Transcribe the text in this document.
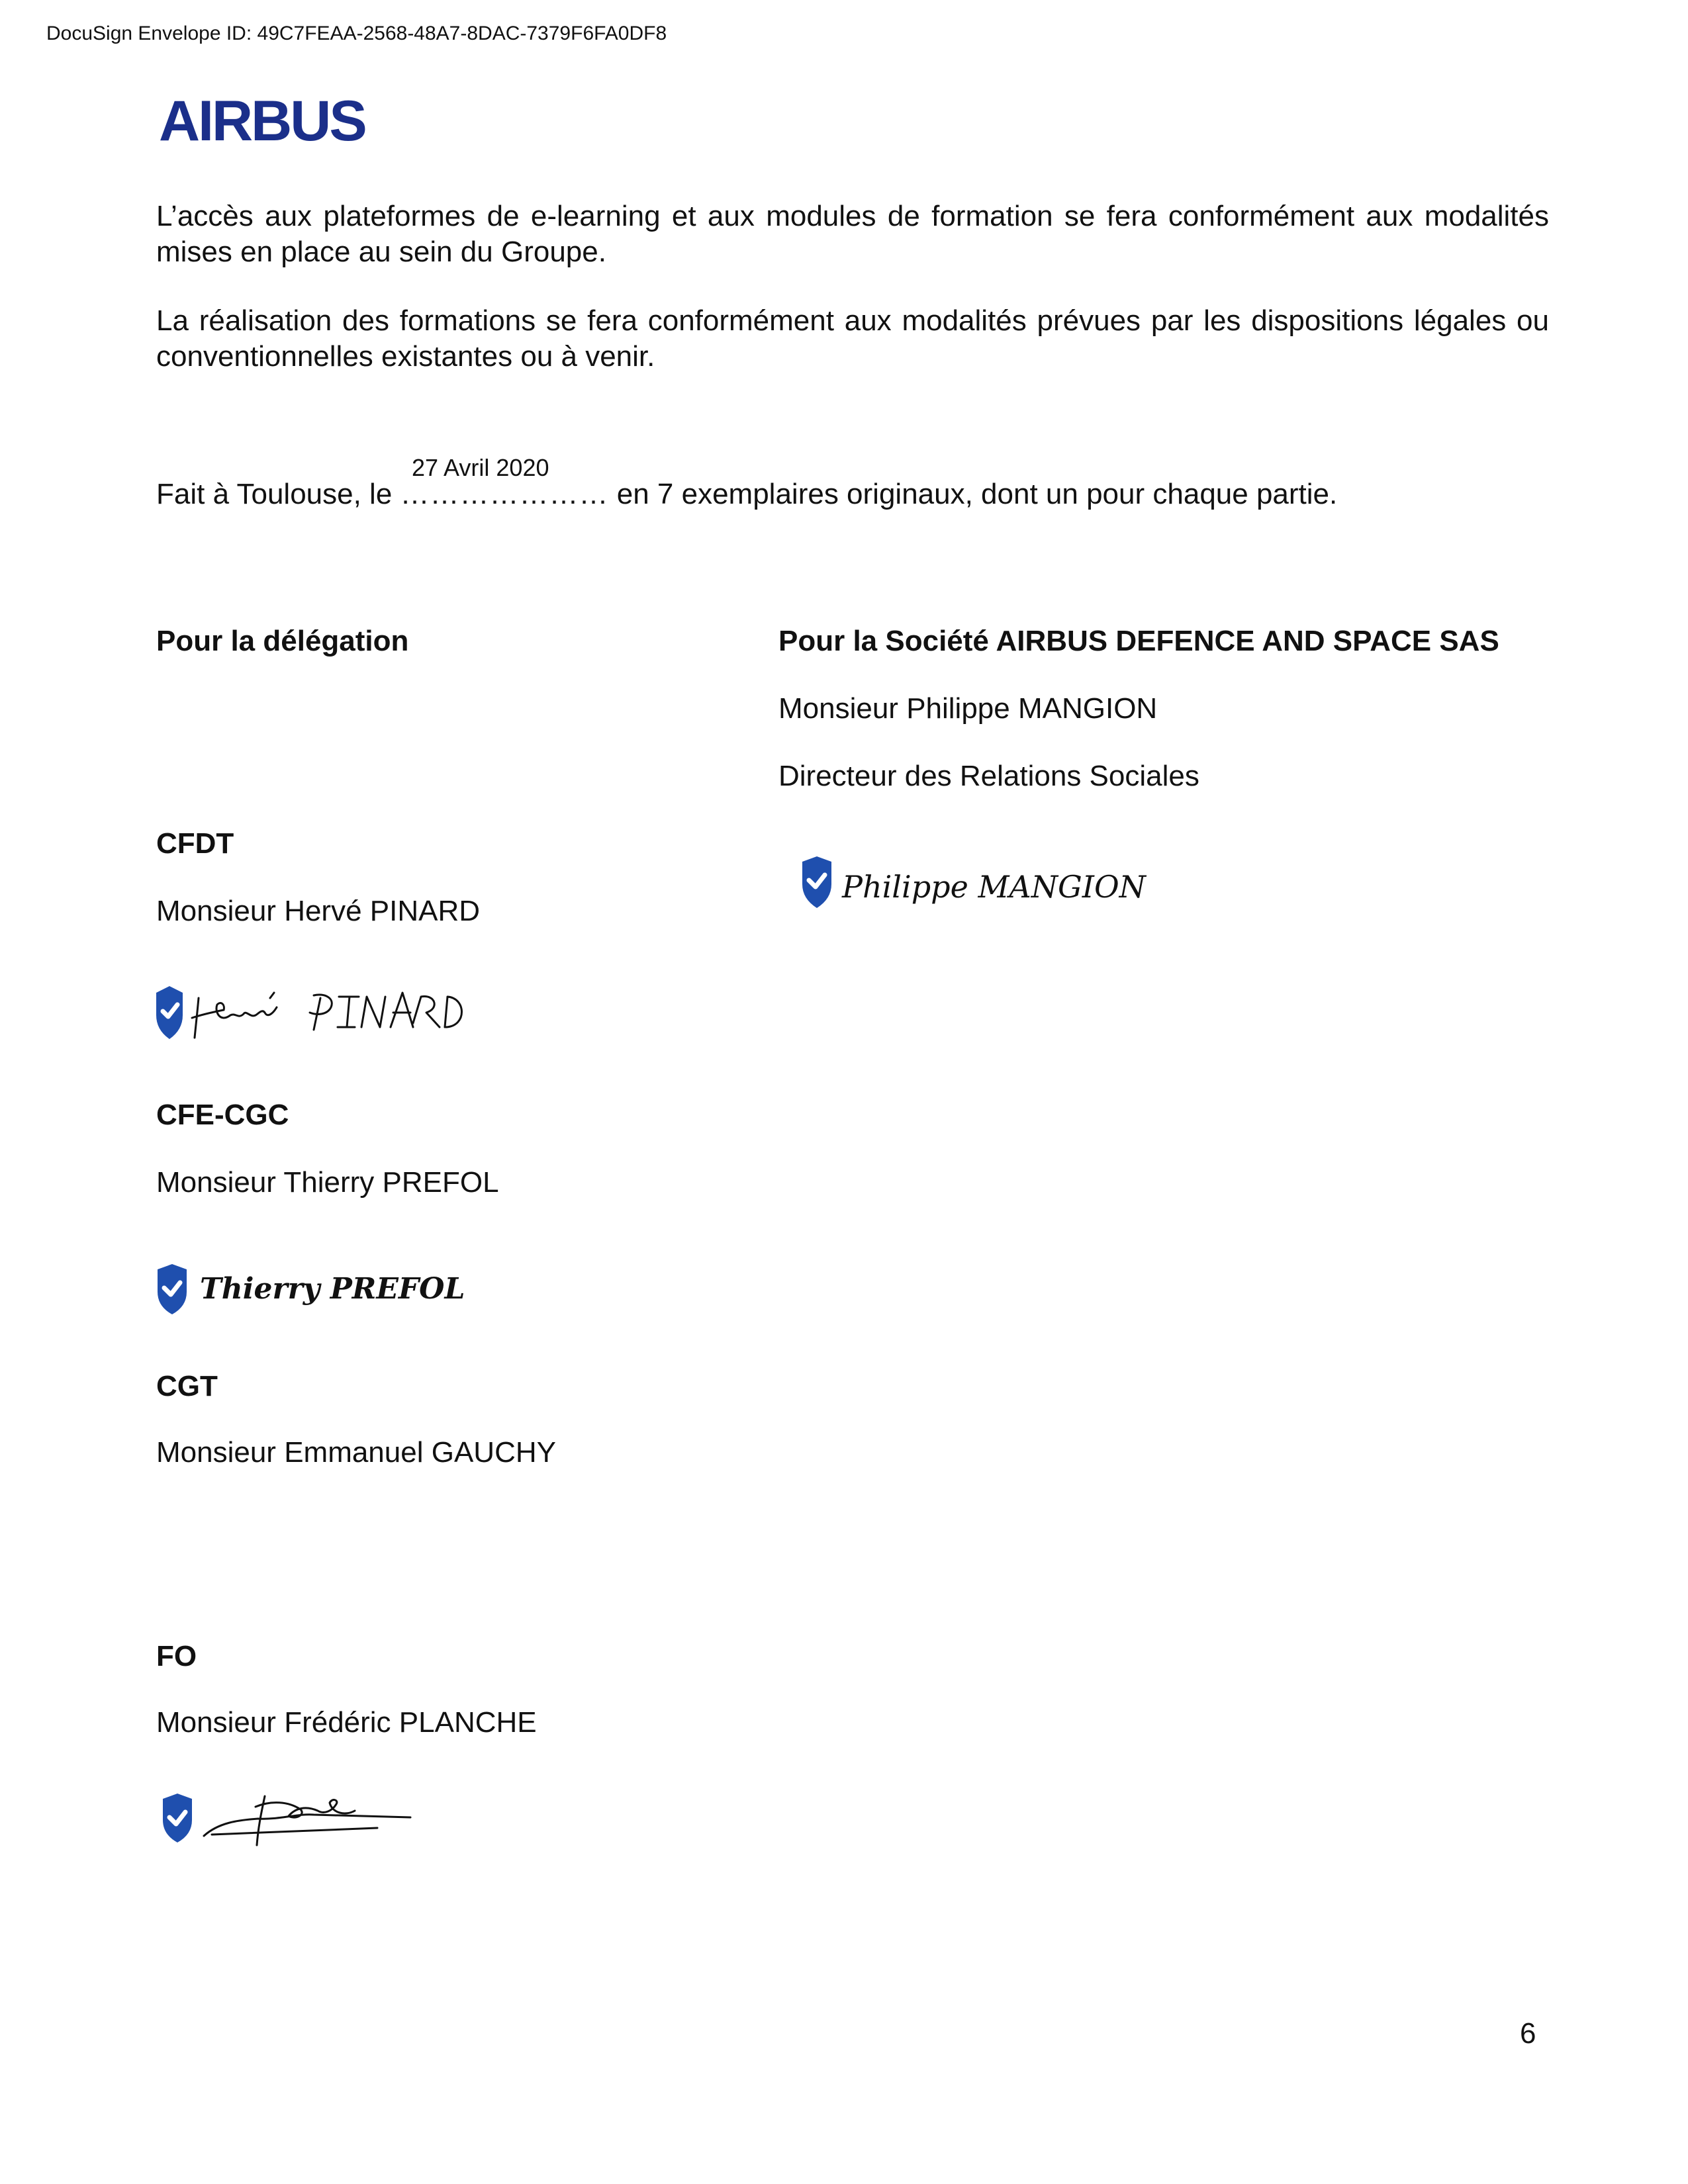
DocuSign Envelope ID: 49C7FEAA-2568-48A7-8DAC-7379F6FA0DF8
AIRBUS

L’accès aux plateformes de e-learning et aux modules de formation se fera conformément aux modalités mises en place au sein du Groupe.

La réalisation des formations se fera conformément aux modalités prévues par les dispositions légales ou conventionnelles existantes ou à venir.

27 Avril 2020
Fait à Toulouse, le ………………… en 7 exemplaires originaux, dont un pour chaque partie.
Pour la délégation
CFDT
Monsieur Hervé PINARD
CFE-CGC
Monsieur Thierry PREFOL
Thierry PREFOL
CGT
Monsieur Emmanuel GAUCHY
FO
Monsieur Frédéric PLANCHE
Pour la Société AIRBUS DEFENCE AND SPACE SAS
Monsieur Philippe MANGION
Directeur des Relations Sociales
Philippe MANGION
6
